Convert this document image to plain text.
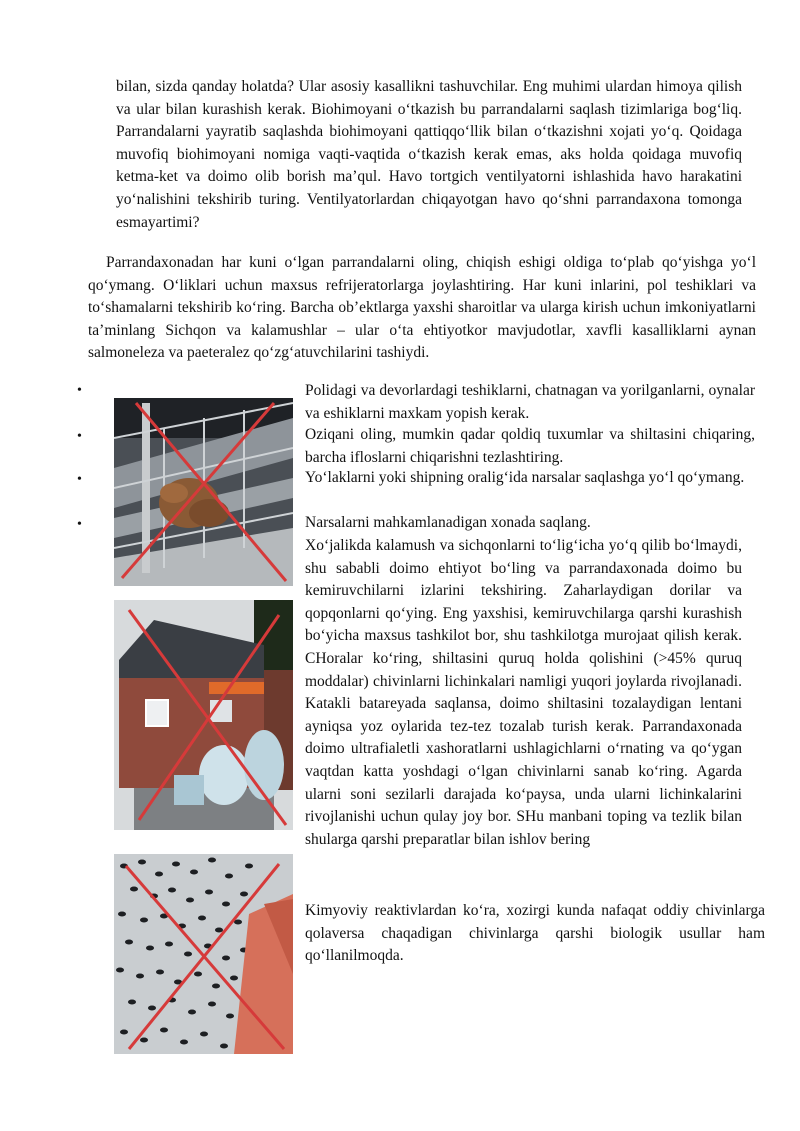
bilan, sizda qanday holatda? Ular asosiy kasallikni tashuvchilar. Eng muhimi ulardan himoya qilish va ular bilan kurashish kerak. Biohimoyani o‘tkazish bu parrandalarni saqlash tizimlariga bog‘liq. Parrandalarni yayratib saqlashda biohimoyani qattiqqo‘llik bilan o‘tkazishni xojati yo‘q. Qoidaga muvofiq biohimoyani nomiga vaqti-vaqtida o‘tkazish kerak emas, aks holda qoidaga muvofiq ketma-ket va doimo olib borish ma’qul. Havo tortgich ventilyatorni ishlashida havo harakatini yo‘nalishini tekshirib turing. Ventilyatorlardan chiqayotgan havo qo‘shni parrandaxona tomonga esmayartimi?
Parrandaxonadan har kuni o‘lgan parrandalarni oling, chiqish eshigi oldiga to‘plab qo‘yishga yo‘l qo‘ymang. O‘liklari uchun maxsus refrijeratorlarga joylashtiring. Har kuni inlarini, pol teshiklari va to‘shamalarni tekshirib ko‘ring. Barcha ob’ektlarga yaxshi sharoitlar va ularga kirish uchun imkoniyatlarni ta’minlang Sichqon va kalamushlar – ular o‘ta ehtiyotkor mavjudotlar, xavfli kasalliklarni aynan salmoneleza va paeteralez qo‘zg‘atuvchilarini tashiydi.
•
•
•
•
Polidagi va devorlardagi teshiklarni, chatnagan va yorilganlarni, oynalar va eshiklarni maxkam yopish kerak.
Oziqani oling, mumkin qadar qoldiq tuxumlar va shiltasini chiqaring, barcha ifloslarni chiqarishni tezlashtiring.
Yo‘laklarni yoki shipning oralig‘ida narsalar saqlashga yo‘l qo‘ymang.
Narsalarni mahkamlanadigan xonada saqlang.
Xo‘jalikda kalamush va sichqonlarni to‘lig‘icha yo‘q qilib bo‘lmaydi, shu sababli doimo ehtiyot bo‘ling va parrandaxonada doimo bu kemiruvchilarni izlarini tekshiring. Zaharlaydigan dorilar va qopqonlarni qo‘ying. Eng yaxshisi, kemiruvchilarga qarshi kurashish bo‘yicha maxsus tashkilot bor, shu tashkilotga murojaat qilish kerak. CHoralar ko‘ring, shiltasini quruq holda qolishini (>45% quruq moddalar) chivinlarni lichinkalari namligi yuqori joylarda rivojlanadi. Katakli batareyada saqlansa, doimo shiltasini tozalaydigan lentani ayniqsa yoz oylarida tez-tez tozalab turish kerak. Parrandaxonada doimo ultrafialetli xashoratlarni ushlagichlarni o‘rnating va qo‘ygan vaqtdan katta yoshdagi o‘lgan chivinlarni sanab ko‘ring. Agarda ularni soni sezilarli darajada ko‘paysa, unda ularni lichinkalarini rivojlanishi uchun qulay joy bor. SHu manbani toping va tezlik bilan shularga qarshi preparatlar bilan ishlov bering
Kimyoviy reaktivlardan ko‘ra, xozirgi kunda nafaqat oddiy chivinlarga qolaversa chaqadigan chivinlarga qarshi biologik usullar ham qo‘llanilmoqda.
